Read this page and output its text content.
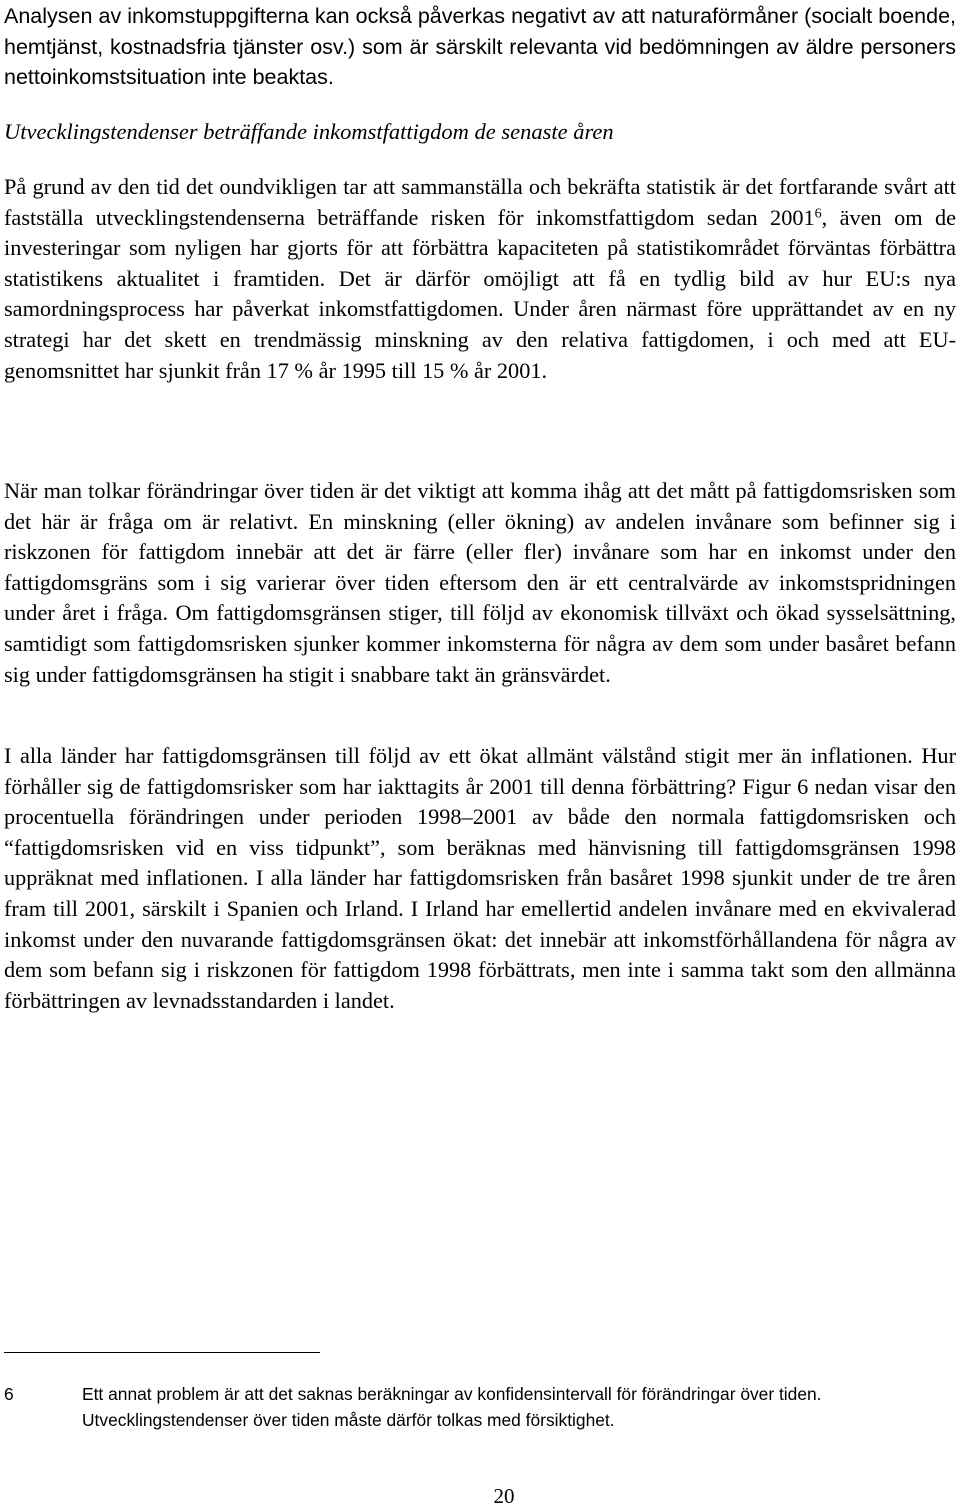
Analysen av inkomstuppgifterna kan också påverkas negativt av att naturaförmåner (socialt boende, hemtjänst, kostnadsfria tjänster osv.) som är särskilt relevanta vid bedömningen av äldre personers nettoinkomstsituation inte beaktas.

Utvecklingstendenser beträffande inkomstfattigdom de senaste åren

På grund av den tid det oundvikligen tar att sammanställa och bekräfta statistik är det fortfarande svårt att fastställa utvecklingstendenserna beträffande risken för inkomstfattigdom sedan 2001$^6$, även om de investeringar som nyligen har gjorts för att förbättra kapaciteten på statistikområdet förväntas förbättra statistikens aktualitet i framtiden. Det är därför omöjligt att få en tydlig bild av hur EU:s nya samordningsprocess har påverkat inkomstfattigdomen. Under åren närmast före upprättandet av en ny strategi har det skett en trendmässig minskning av den relativa fattigdomen, i och med att EU-genomsnittet har sjunkit från 17 % år 1995 till 15 % år 2001.

När man tolkar förändringar över tiden är det viktigt att komma ihåg att det mått på fattigdomsrisken som det här är fråga om är relativt. En minskning (eller ökning) av andelen invånare som befinner sig i riskzonen för fattigdom innebär att det är färre (eller fler) invånare som har en inkomst under den fattigdomsgräns som i sig varierar över tiden eftersom den är ett centralvärde av inkomstspridningen under året i fråga. Om fattigdomsgränsen stiger, till följd av ekonomisk tillväxt och ökad sysselsättning, samtidigt som fattigdomsrisken sjunker kommer inkomsterna för några av dem som under basåret befann sig under fattigdomsgränsen ha stigit i snabbare takt än gränsvärdet.

I alla länder har fattigdomsgränsen till följd av ett ökat allmänt välstånd stigit mer än inflationen. Hur förhåller sig de fattigdomsrisker som har iakttagits år 2001 till denna förbättring? Figur 6 nedan visar den procentuella förändringen under perioden 1998–2001 av både den normala fattigdomsrisken och “fattigdomsrisken vid en viss tidpunkt”, som beräknas med hänvisning till fattigdomsgränsen 1998 uppräknat med inflationen. I alla länder har fattigdomsrisken från basåret 1998 sjunkit under de tre åren fram till 2001, särskilt i Spanien och Irland. I Irland har emellertid andelen invånare med en ekvivalerad inkomst under den nuvarande fattigdomsgränsen ökat: det innebär att inkomstförhållandena för några av dem som befann sig i riskzonen för fattigdom 1998 förbättrats, men inte i samma takt som den allmänna förbättringen av levnadsstandarden i landet.

6	Ett annat problem är att det saknas beräkningar av konfidensintervall för förändringar över tiden. Utvecklingstendenser över tiden måste därför tolkas med försiktighet.
20
